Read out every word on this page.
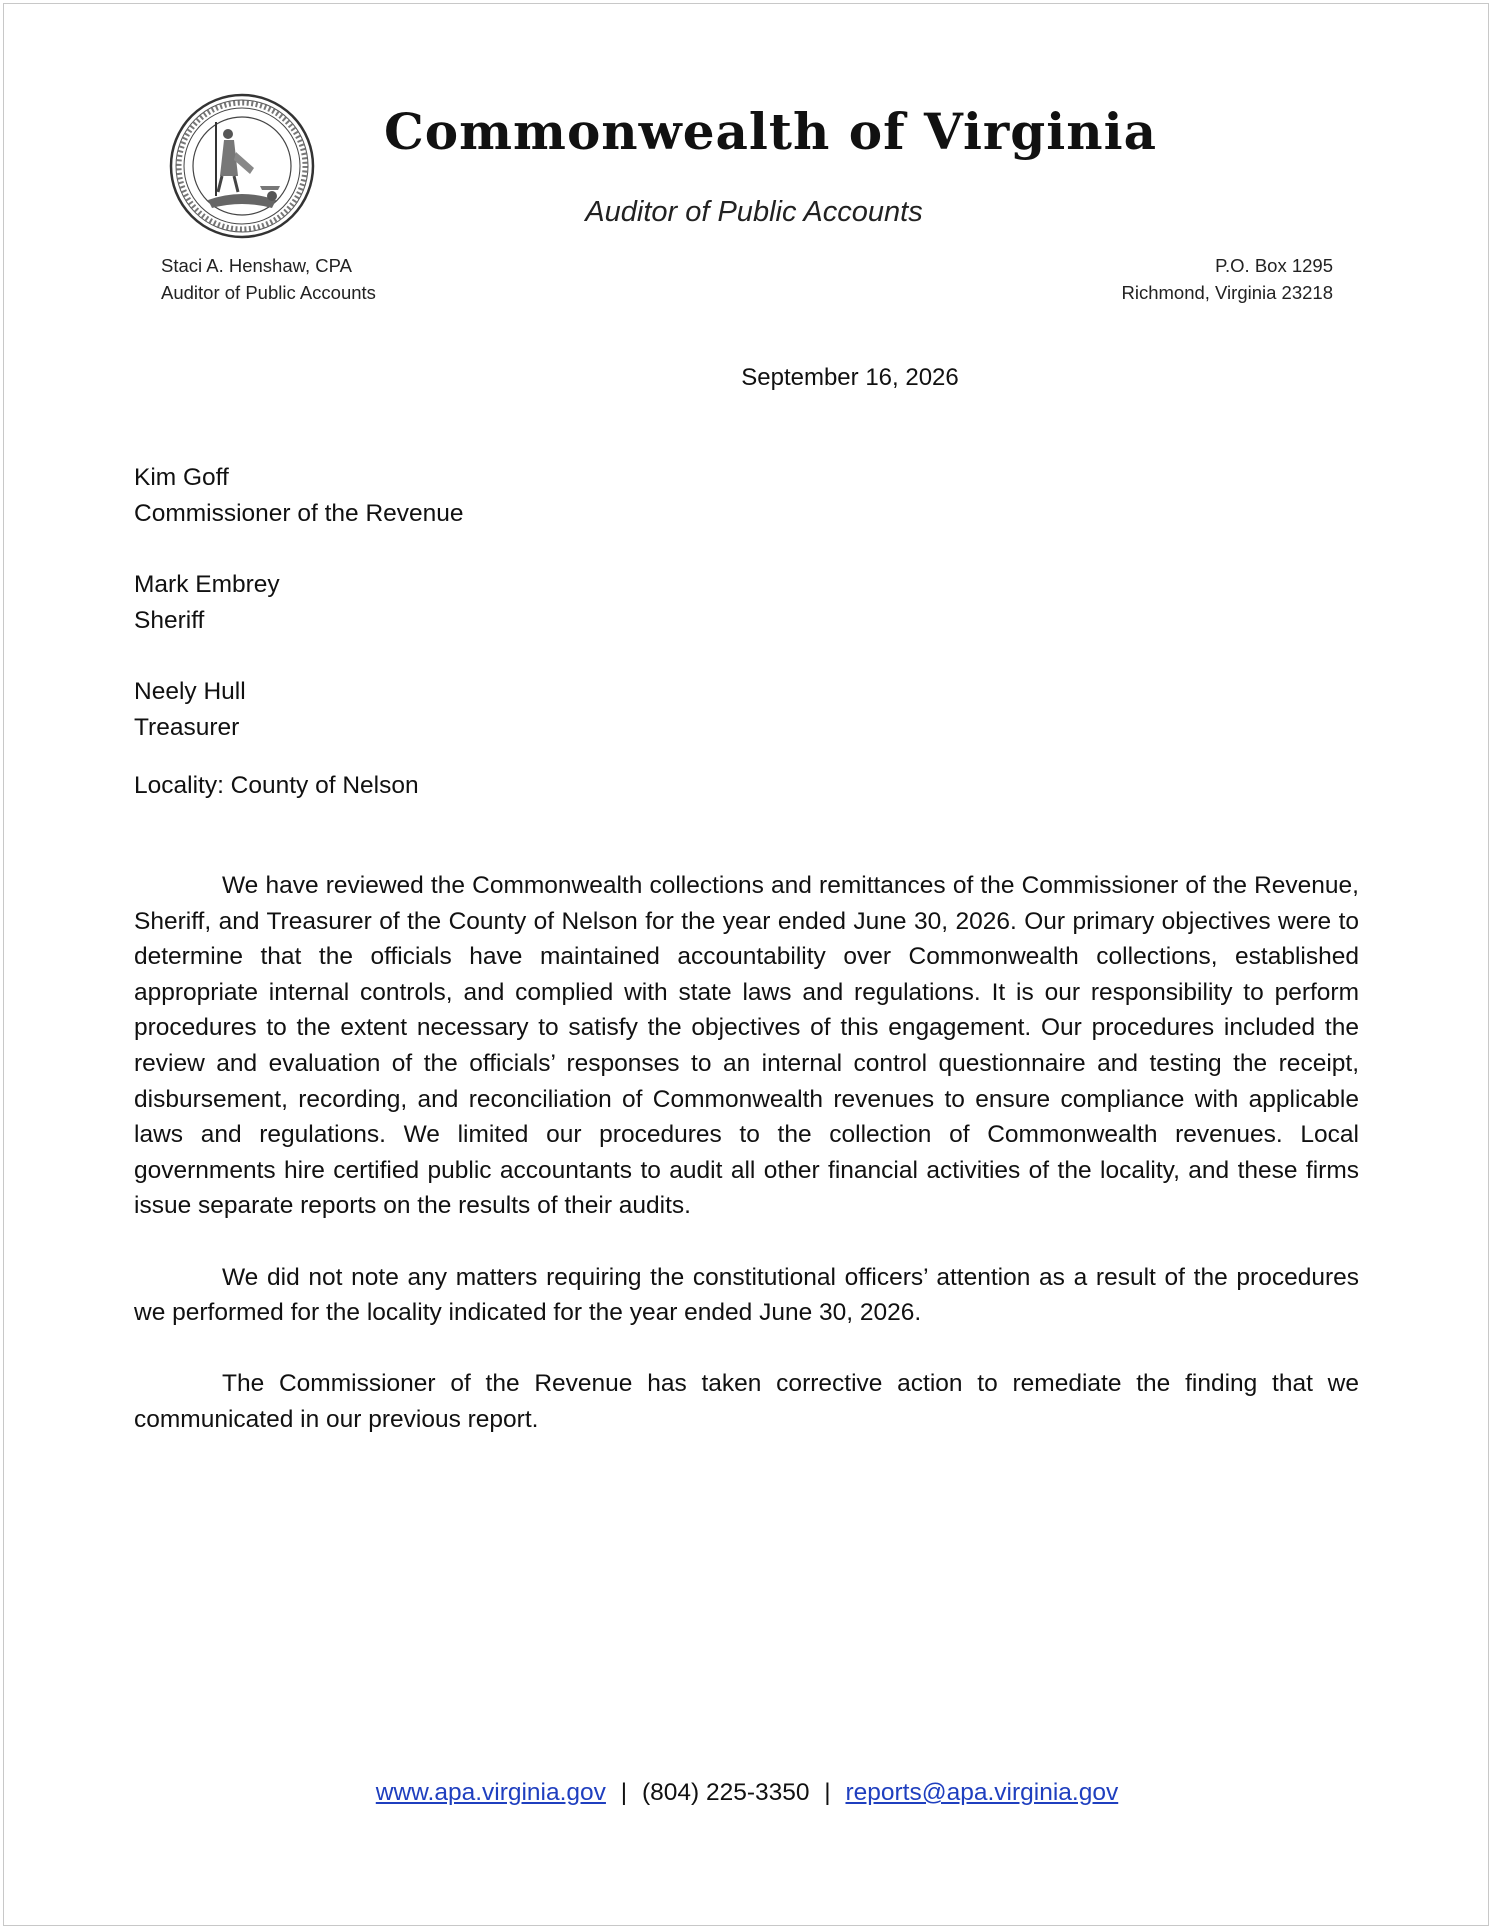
Commonwealth of Virginia
Auditor of Public Accounts
Staci A. Henshaw, CPA
Auditor of Public Accounts
P.O. Box 1295
Richmond, Virginia 23218
September 16, 2026
Kim Goff
Commissioner of the Revenue
Mark Embrey
Sheriff
Neely Hull
Treasurer
Locality: County of Nelson

We have reviewed the Commonwealth collections and remittances of the Commissioner of the Revenue, Sheriff, and Treasurer of the County of Nelson for the year ended June 30, 2026. Our primary objectives were to determine that the officials have maintained accountability over Commonwealth collections, established appropriate internal controls, and complied with state laws and regulations. It is our responsibility to perform procedures to the extent necessary to satisfy the objectives of this engagement. Our procedures included the review and evaluation of the officials’ responses to an internal control questionnaire and testing the receipt, disbursement, recording, and reconciliation of Commonwealth revenues to ensure compliance with applicable laws and regulations. We limited our procedures to the collection of Commonwealth revenues. Local governments hire certified public accountants to audit all other financial activities of the locality, and these firms issue separate reports on the results of their audits.

We did not note any matters requiring the constitutional officers’ attention as a result of the procedures we performed for the locality indicated for the year ended June 30, 2026.

The Commissioner of the Revenue has taken corrective action to remediate the finding that we communicated in our previous report.

www.apa.virginia.gov | (804) 225-3350 | reports@apa.virginia.gov
